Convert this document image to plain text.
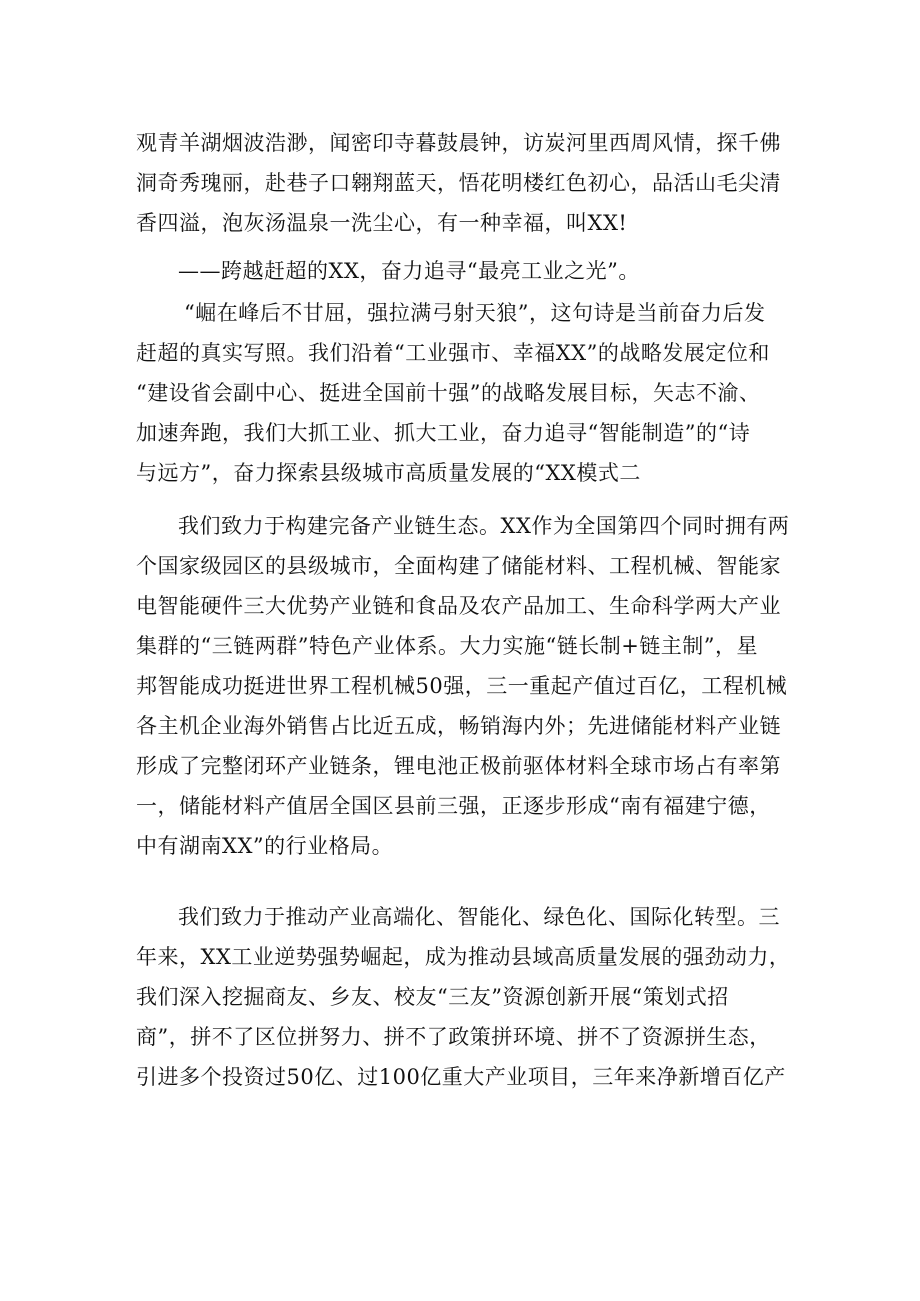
观青羊湖烟波浩渺，闻密印寺暮鼓晨钟，访炭河里西周风情，探千佛
洞奇秀瑰丽，赴巷子口翱翔蓝天，悟花明楼红色初心，品活山毛尖清
香四溢，泡灰汤温泉一洗尘心，有一种幸福，叫XX!
——跨越赶超的XX，奋力追寻“最亮工业之光”。
“崛在峰后不甘屈，强拉满弓射天狼”，这句诗是当前奋力后发
赶超的真实写照。我们沿着“工业强市、幸福XX”的战略发展定位和
“建设省会副中心、挺进全国前十强”的战略发展目标，矢志不渝、
加速奔跑，我们大抓工业、抓大工业，奋力追寻“智能制造”的“诗
与远方”，奋力探索县级城市高质量发展的“XX模式二
我们致力于构建完备产业链生态。XX作为全国第四个同时拥有两
个国家级园区的县级城市，全面构建了储能材料、工程机械、智能家
电智能硬件三大优势产业链和食品及农产品加工、生命科学两大产业
集群的“三链两群”特色产业体系。大力实施“链长制+链主制”，星
邦智能成功挺进世界工程机械50强，三一重起产值过百亿，工程机械
各主机企业海外销售占比近五成，畅销海内外；先进储能材料产业链
形成了完整闭环产业链条，锂电池正极前驱体材料全球市场占有率第
一，储能材料产值居全国区县前三强，正逐步形成“南有福建宁德，
中有湖南XX”的行业格局。
我们致力于推动产业高端化、智能化、绿色化、国际化转型。三
年来，XX工业逆势强势崛起，成为推动县域高质量发展的强劲动力，
我们深入挖掘商友、乡友、校友“三友”资源创新开展“策划式招
商”，拼不了区位拼努力、拼不了政策拼环境、拼不了资源拼生态，
引进多个投资过50亿、过100亿重大产业项目，三年来净新增百亿产
